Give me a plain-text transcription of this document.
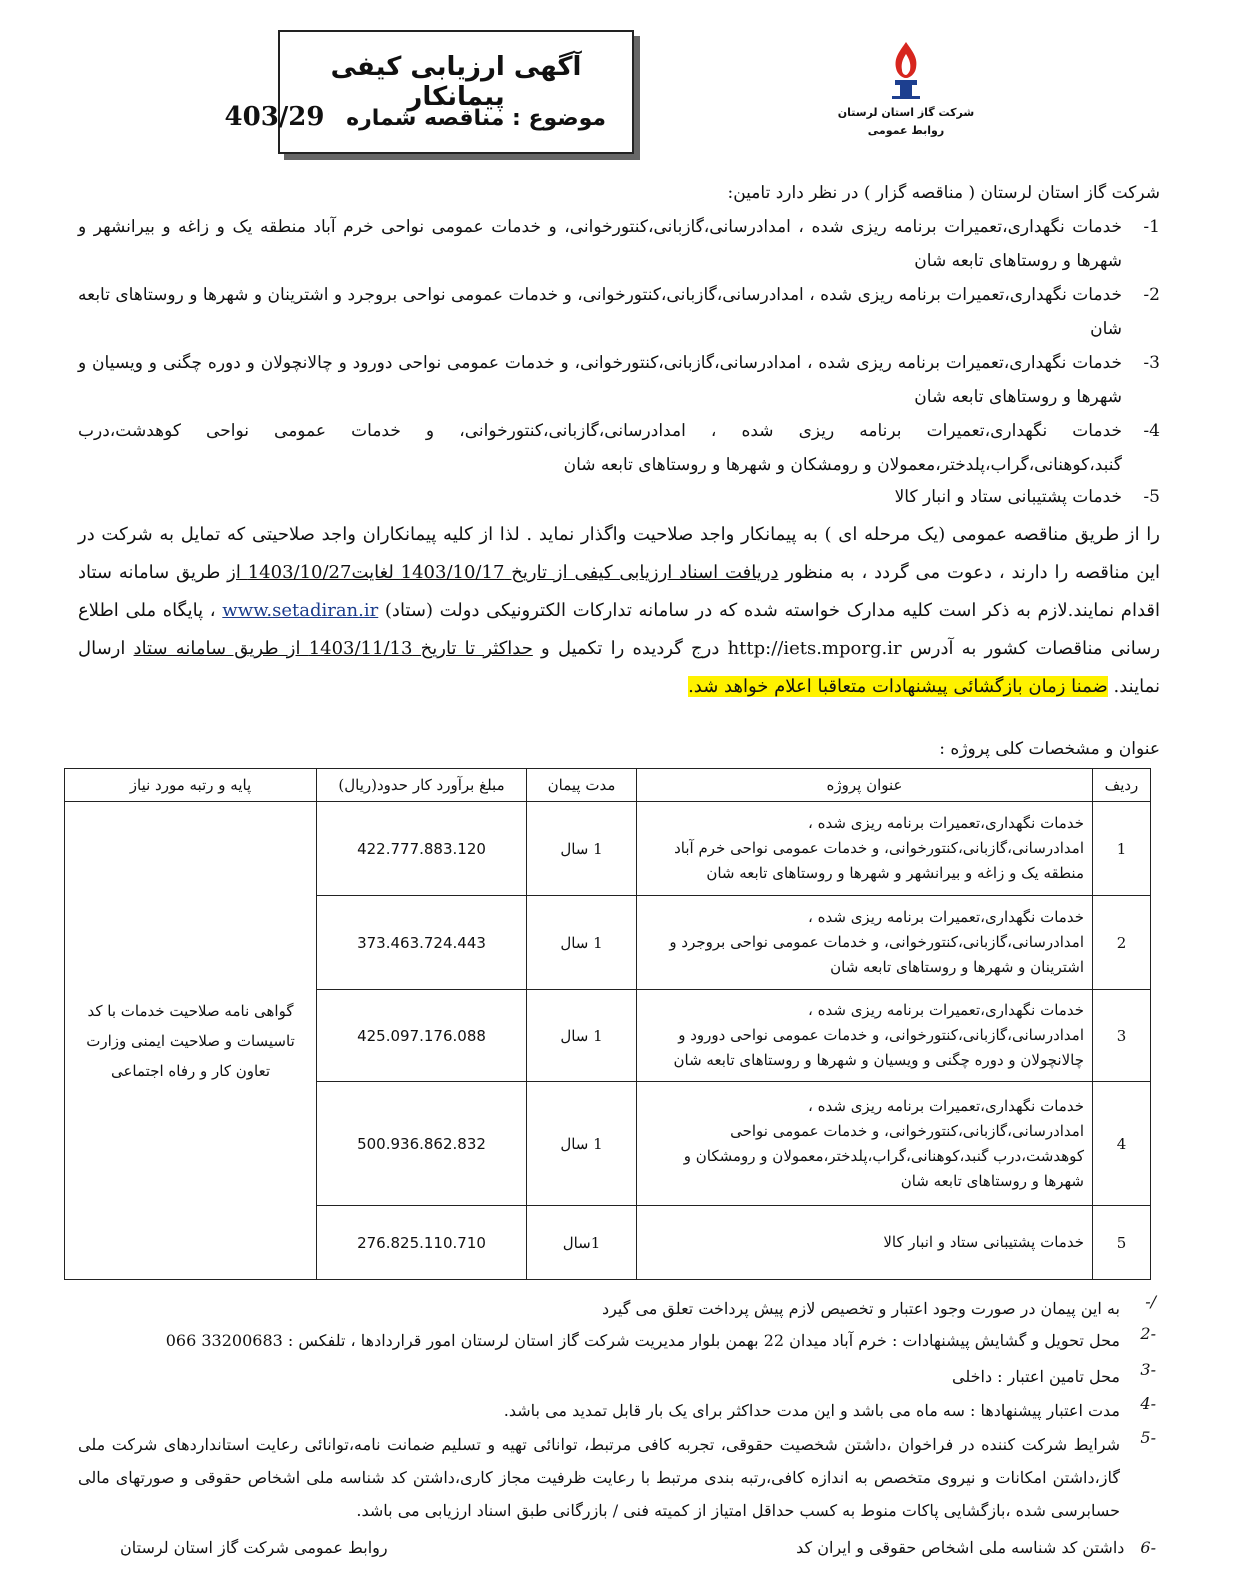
آگهی ارزیابی کیفی پیمانکار
موضوع : مناقصه شماره 403/29	شرکت گاز استان لرستان
روابط عمومی
شرکت گاز استان لرستان ( مناقصه گزار ) در نظر دارد تامین:
1-
خدمات نگهداری،تعمیرات برنامه ریزی شده ، امدادرسانی،گازبانی،کنتورخوانی، و خدمات عمومی نواحی خرم آباد منطقه یک و زاغه و بیرانشهر و شهرها و روستاهای تابعه شان
2-
خدمات نگهداری،تعمیرات برنامه ریزی شده ، امدادرسانی،گازبانی،کنتورخوانی، و خدمات عمومی نواحی بروجرد و اشترینان و شهرها و روستاهای تابعه شان
3-
خدمات نگهداری،تعمیرات برنامه ریزی شده ، امدادرسانی،گازبانی،کنتورخوانی، و خدمات عمومی نواحی دورود و چالانچولان و دوره چگنی و ویسیان و شهرها و روستاهای تابعه شان
4-
خدمات نگهداری،تعمیرات برنامه ریزی شده ، امدادرسانی،گازبانی،کنتورخوانی، و خدمات عمومی نواحی کوهدشت،درب گنبد،کوهنانی،گراب،پلدختر،معمولان و رومشکان و شهرها و روستاهای تابعه شان
5-
خدمات پشتیبانی ستاد و انبار کالا
را از طریق مناقصه عمومی (یک مرحله ای ) به پیمانکار واجد صلاحیت واگذار نماید . لذا از کلیه پیمانکاران واجد صلاحیتی که تمایل به شرکت در این مناقصه را دارند ، دعوت می گردد ، به منظور دریافت اسناد ارزیابی کیفی از تاریخ 1403/10/17 لغایت1403/10/27 از طریق سامانه ستاد اقدام نمایند.لازم به ذکر است کلیه مدارک خواسته شده که در سامانه تدارکات الکترونیکی دولت (ستاد) www.setadiran.ir ، پایگاه ملی اطلاع رسانی مناقصات کشور به آدرس http://iets.mporg.ir درج گردیده را تکمیل و حداکثر تا تاریخ 1403/11/13 از طریق سامانه ستاد ارسال نمایند. ضمنا زمان بازگشائی پیشنهادات متعاقبا اعلام خواهد شد.
عنوان و مشخصات کلی پروژه :
ردیف	عنوان پروژه	مدت پیمان	مبلغ برآورد کار حدود(ریال)	پایه و رتبه مورد نیاز
1	خدمات نگهداری،تعمیرات برنامه ریزی شده ، امدادرسانی،گازبانی،کنتورخوانی، و خدمات عمومی نواحی خرم آباد منطقه یک و زاغه و بیرانشهر و شهرها و روستاهای تابعه شان	1 سال	422.777.883.120	گواهی نامه صلاحیت خدمات با کد تاسیسات و صلاحیت ایمنی وزارت تعاون کار و رفاه اجتماعی
2	خدمات نگهداری،تعمیرات برنامه ریزی شده ، امدادرسانی،گازبانی،کنتورخوانی، و خدمات عمومی نواحی بروجرد و اشترینان و شهرها و روستاهای تابعه شان	1 سال	373.463.724.443	
3	خدمات نگهداری،تعمیرات برنامه ریزی شده ، امدادرسانی،گازبانی،کنتورخوانی، و خدمات عمومی نواحی دورود و چالانچولان و دوره چگنی و ویسیان و شهرها و روستاهای تابعه شان	1 سال	425.097.176.088	
4	خدمات نگهداری،تعمیرات برنامه ریزی شده ، امدادرسانی،گازبانی،کنتورخوانی، و خدمات عمومی نواحی کوهدشت،درب گنبد،کوهنانی،گراب،پلدختر،معمولان و رومشکان و شهرها و روستاهای تابعه شان	1 سال	500.936.862.832	
5	خدمات پشتیبانی ستاد و انبار کالا	1سال	276.825.110.710	
/-
به این پیمان در صورت وجود اعتبار و تخصیص لازم پیش پرداخت تعلق می گیرد
-2
محل تحویل و گشایش پیشنهادات : خرم آباد میدان 22 بهمن بلوار مدیریت شرکت گاز استان لرستان امور قراردادها ، تلفکس : 33200683 066
-3
محل تامین اعتبار : داخلی
-4
مدت اعتبار پیشنهادها : سه ماه می باشد و این مدت حداکثر برای یک بار قابل تمدید می باشد.
-5
شرایط شرکت کننده در فراخوان ،داشتن شخصیت حقوقی، تجربه کافی مرتبط، توانائی تهیه و تسلیم ضمانت نامه،توانائی رعایت استانداردهای شرکت ملی گاز،داشتن امکانات و نیروی متخصص به اندازه کافی،رتبه بندی مرتبط با رعایت ظرفیت مجاز کاری،داشتن کد شناسه ملی اشخاص حقوقی و صورتهای مالی حسابرسی شده ،بازگشایی پاکات منوط به کسب حداقل امتیاز از کمیته فنی / بازرگانی طبق اسناد ارزیابی می باشد.
-6داشتن کد شناسه ملی اشخاص حقوقی و ایران کد
روابط عمومی شرکت گاز استان لرستان
